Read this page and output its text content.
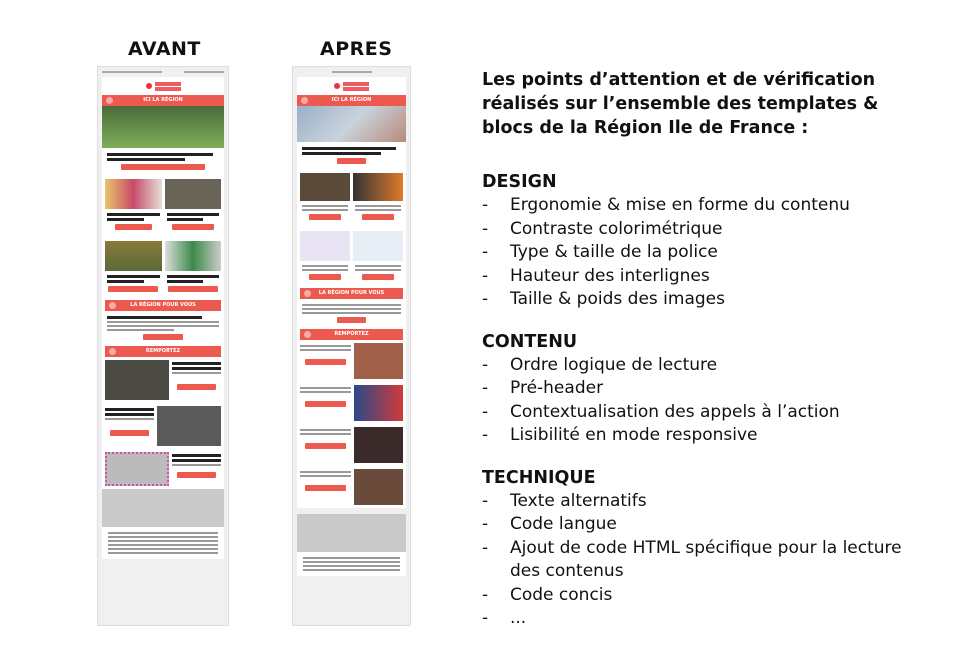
AVANT	APRES
ICI LA RÉGION
LA RÉGION POUR VOUS
REMPORTEZ
ICI LA RÉGION
LA RÉGION POUR VOUS
REMPORTEZ
Les points d’attention et de vérification réalisés sur l’ensemble des templates & blocs de la Région Ile de France :
DESIGN
- Ergonomie & mise en forme du contenu
- Contraste colorimétrique
- Type & taille de la police
- Hauteur des interlignes
- Taille & poids des images
CONTENU
- Ordre logique de lecture
- Pré-header
- Contextualisation des appels à l’action
- Lisibilité en mode responsive
TECHNIQUE
- Texte alternatifs
- Code langue
- Ajout de code HTML spécifique pour la lecture des contenus
- Code concis
- ...
